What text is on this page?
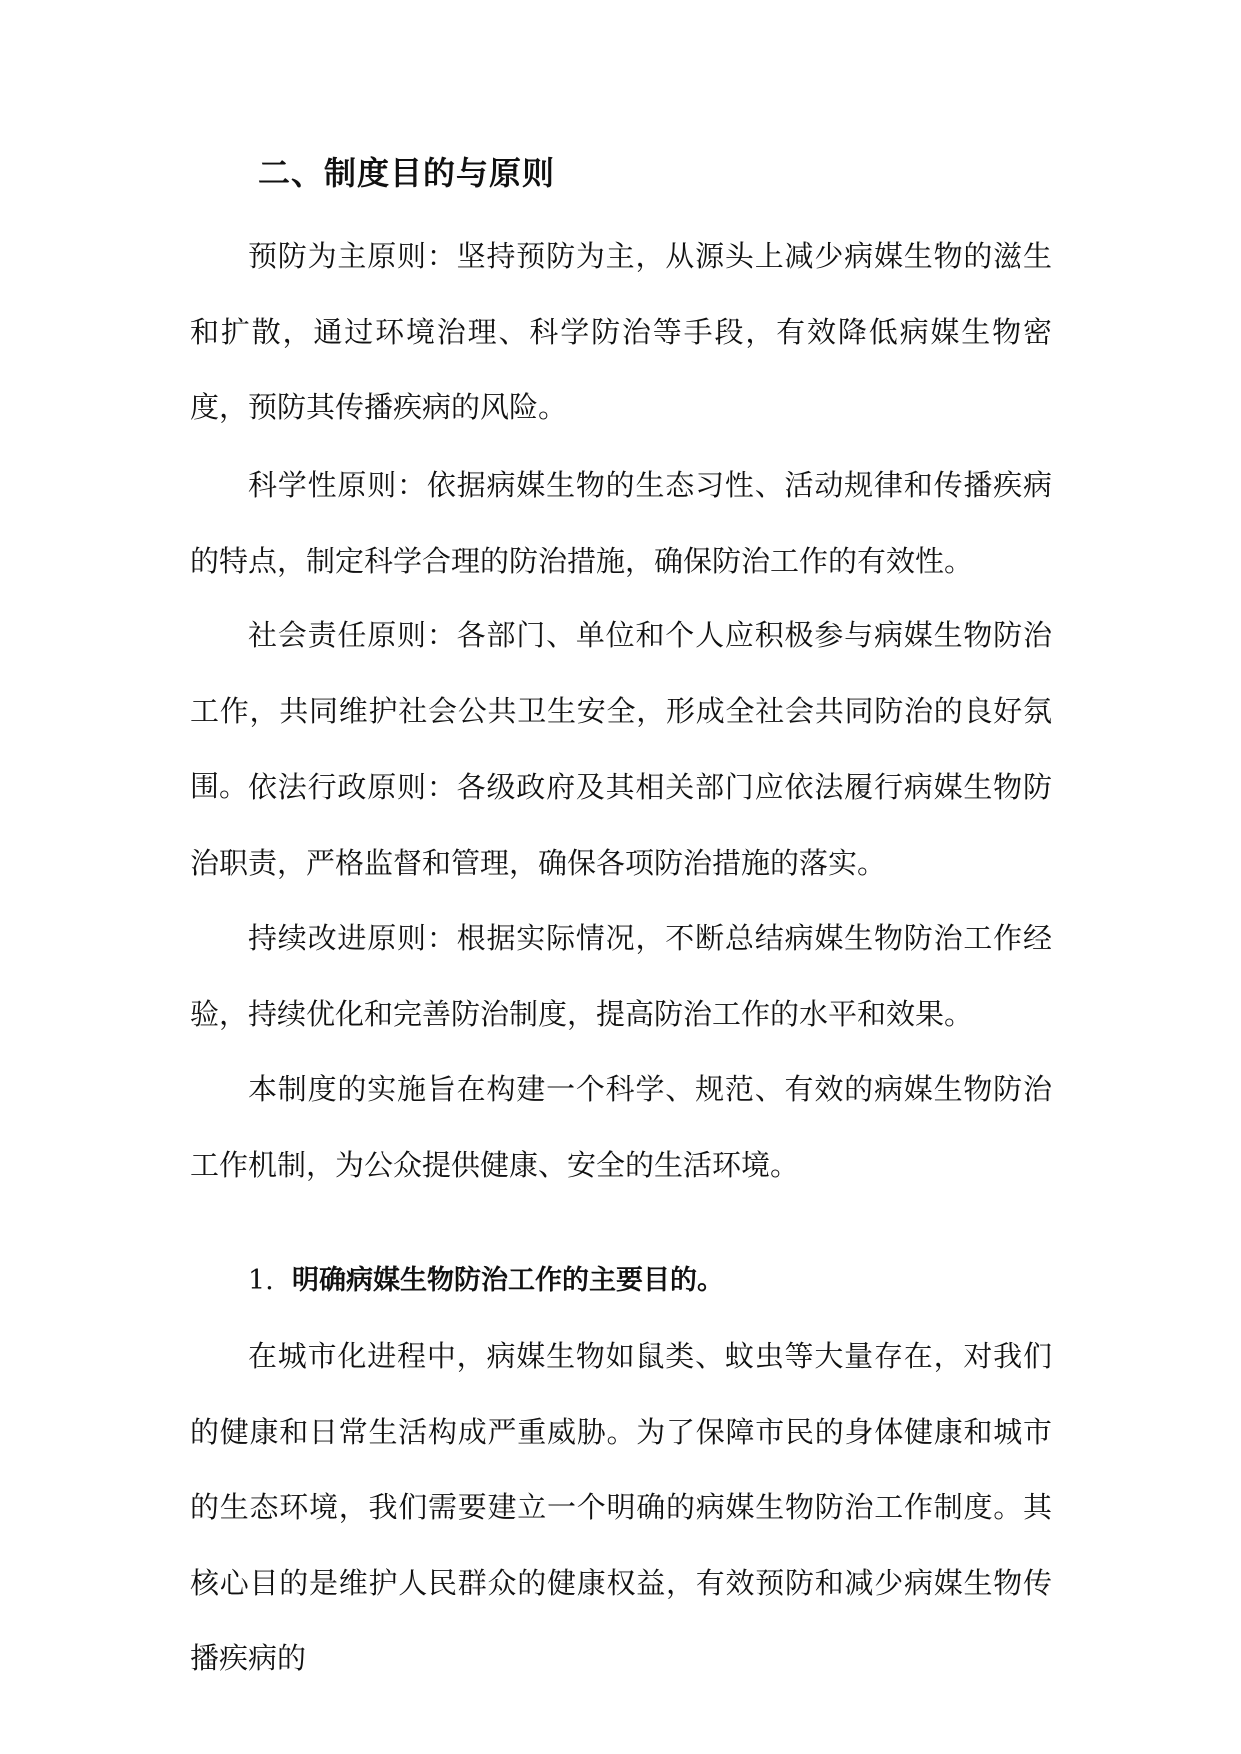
二、制度目的与原则

预防为主原则：坚持预防为主，从源头上减少病媒生物的滋生和扩散，通过环境治理、科学防治等手段，有效降低病媒生物密度，预防其传播疾病的风险。

科学性原则：依据病媒生物的生态习性、活动规律和传播疾病的特点，制定科学合理的防治措施，确保防治工作的有效性。

社会责任原则：各部门、单位和个人应积极参与病媒生物防治工作，共同维护社会公共卫生安全，形成全社会共同防治的良好氛围。 依法行政原则：各级政府及其相关部门应依法履行病媒生物防治职责，严格监督和管理，确保各项防治措施的落实。

持续改进原则：根据实际情况，不断总结病媒生物防治工作经验，持续优化和完善防治制度，提高防治工作的水平和效果。

本制度的实施旨在构建一个科学、规范、有效的病媒生物防治工作机制，为公众提供健康、安全的生活环境。

1. 明确病媒生物防治工作的主要目的。

在城市化进程中，病媒生物如鼠类、蚊虫等大量存在，对我们的健康和日常生活构成严重威胁。为了保障市民的身体健康和城市的生态环境，我们需要建立一个明确的病媒生物防治工作制度。其核心目的是维护人民群众的健康权益，有效预防和减少病媒生物传播疾病的
